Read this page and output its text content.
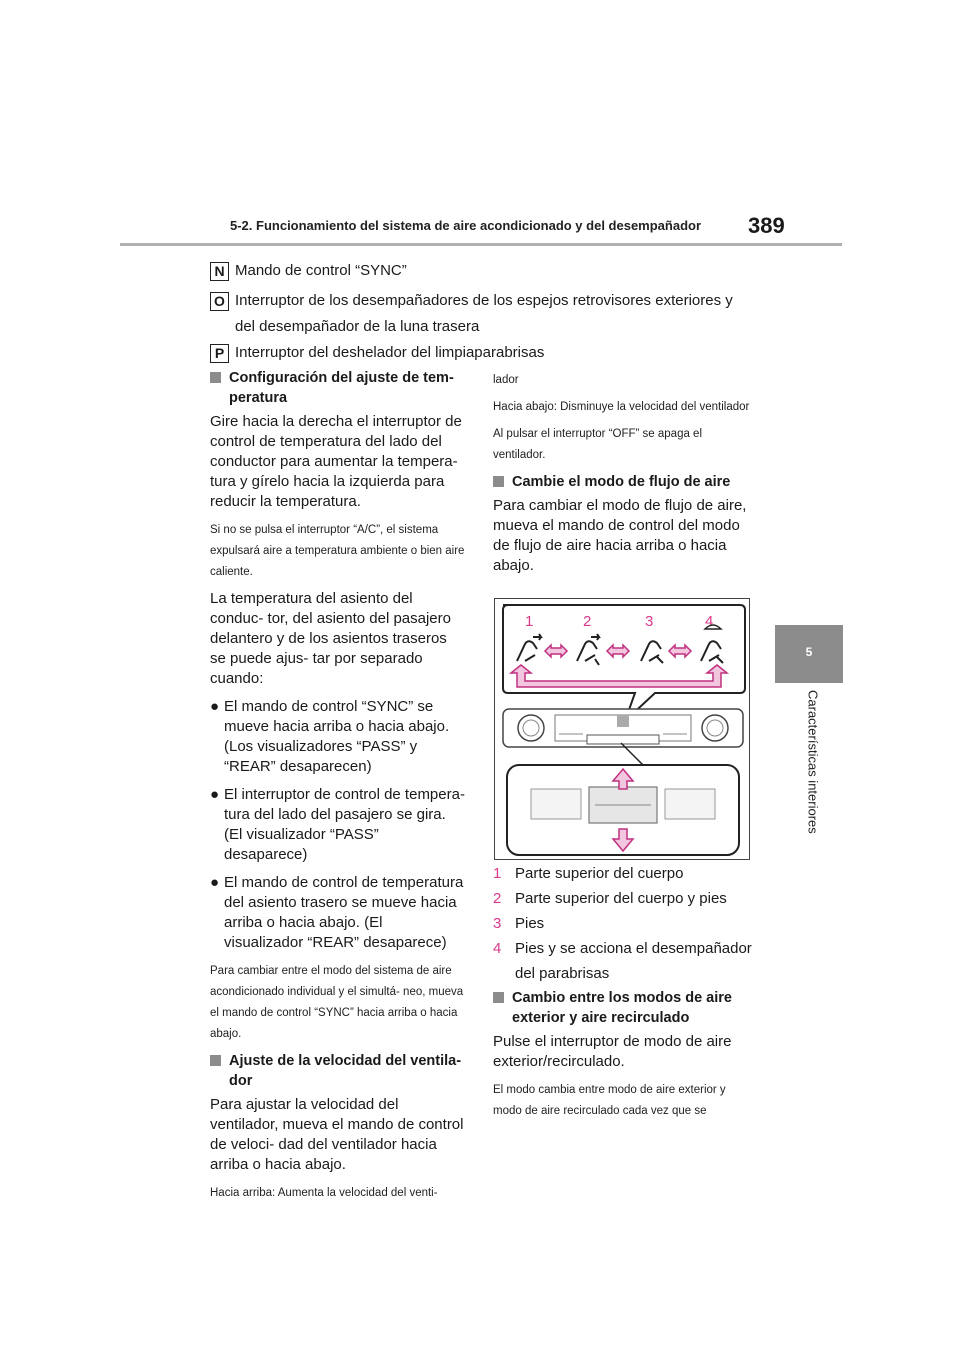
5-2. Funcionamiento del sistema de aire acondicionado y del desempañador 389
5
Características interiores
N Mando de control “SYNC”
O Interruptor de los desempañadores de los espejos retrovisores exteriores y del desempañador de la luna trasera
P Interruptor del deshelador del limpiaparabrisas
Configuración del ajuste de tem- peratura

Gire hacia la derecha el interruptor de control de temperatura del lado del conductor para aumentar la tempera- tura y gírelo hacia la izquierda para reducir la temperatura.

Si no se pulsa el interruptor “A/C”, el sistema expulsará aire a temperatura ambiente o bien aire caliente.

La temperatura del asiento del conduc- tor, del asiento del pasajero delantero y de los asientos traseros se puede ajus- tar por separado cuando:

● El mando de control “SYNC” se mueve hacia arriba o hacia abajo. (Los visualizadores “PASS” y “REAR” desaparecen)
● El interruptor de control de tempera- tura del lado del pasajero se gira. (El visualizador “PASS” desaparece)
● El mando de control de temperatura del asiento trasero se mueve hacia arriba o hacia abajo. (El visualizador “REAR” desaparece)

Para cambiar entre el modo del sistema de aire acondicionado individual y el simultá- neo, mueva el mando de control “SYNC” hacia arriba o hacia abajo.

Ajuste de la velocidad del ventila- dor

Para ajustar la velocidad del ventilador, mueva el mando de control de veloci- dad del ventilador hacia arriba o hacia abajo.

Hacia arriba: Aumenta la velocidad del venti-

lador

Hacia abajo: Disminuye la velocidad del ventilador

Al pulsar el interruptor “OFF” se apaga el ventilador.

Cambie el modo de flujo de aire

Para cambiar el modo de flujo de aire, mueva el mando de control del modo de flujo de aire hacia arriba o hacia abajo.

1	2	3	4
1 Parte superior del cuerpo
2 Parte superior del cuerpo y pies
3 Pies
4 Pies y se acciona el desempañador del parabrisas
Cambio entre los modos de aire exterior y aire recirculado

Pulse el interruptor de modo de aire exterior/recirculado.

El modo cambia entre modo de aire exterior y modo de aire recirculado cada vez que se
